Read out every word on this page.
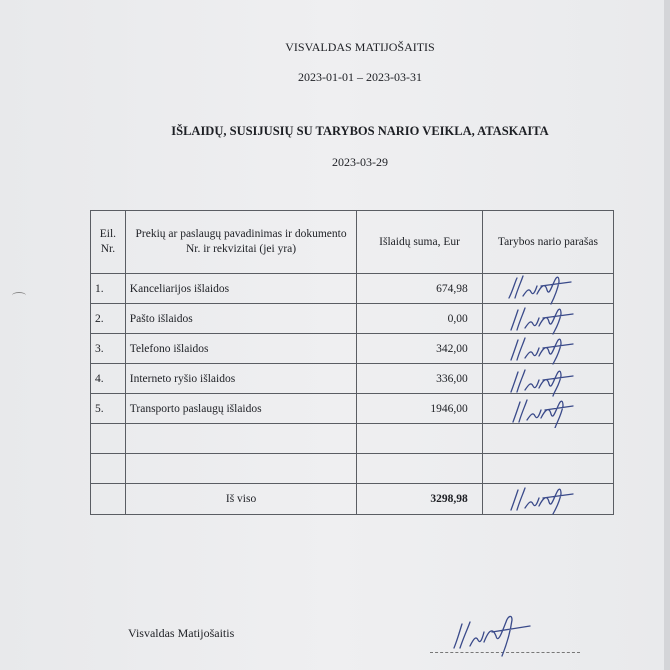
VISVALDAS MATIJOŠAITIS
2023-01-01 – 2023-03-31
IŠLAIDŲ, SUSIJUSIŲ SU TARYBOS NARIO VEIKLA, ATASKAITA
2023-03-29
Eil. Nr.	Prekių ar paslaugų pavadinimas ir dokumento Nr. ir rekvizitai (jei yra)	Išlaidų suma, Eur	Tarybos nario parašas
1.	Kanceliarijos išlaidos	674,98	

2.	Pašto išlaidos	0,00	

3.	Telefono išlaidos	342,00	

4.	Interneto ryšio išlaidos	336,00	

5.	Transporto paslaugų išlaidos	1946,00	

	Iš viso	3298,98	
Visvaldas Matijošaitis
